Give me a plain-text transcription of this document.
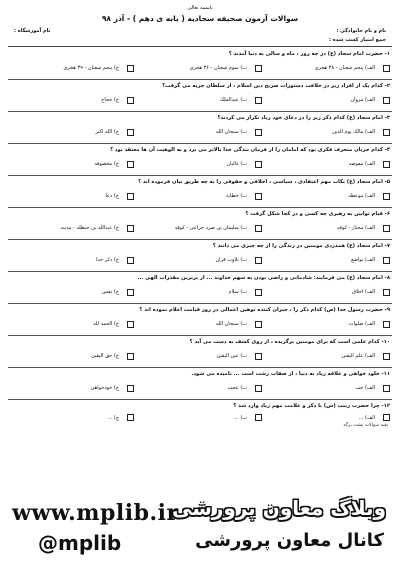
باسمه تعالی
سوالات آزمون صحیفه سجادیه ( بابه ی دهم ) - آذر ۹۸
نام و نام خانوادگی :
نام آموزشگاه :
جمع امتیاز کسب شده :
۱- حضرت امام سجاد (ع) در چه روز ، ماه و سالی به دنیا آمدند ؟
الف) پنجم شعبان - ۳۸ هجری
ب) سوم شعبان - ۳۶ هجری
ج) پنجم شعبان - ۳۹ هجری
۲- کدام یک از افراد زیر در خلافت دستورات صریح دین اسلام ، از سلطان جزیه می گرفت؟
الف) مروان
ب) عبدالملک
ج) حجاج
۳- امام سجاد (ع) کدام ذکر زیر را در دعای خود زیاد تکرار می کردند؟
الف) مالک یوم الدین
ب) سبحان الله
ج) الله اکبر
۴- کدام جریان منحرف فکری بود که امامان را از فرمان بندگی خدا بالاتر می برد و به الوهیت آن ها معتقد بود ؟
الف) مفوضه
ب) غالیان
ج) محصوفه
۵- امام سجاد (ع) نکات مهم اعتقادی ، سیاسی ، اخلاقی و حقوقی را به چه طریق بیان فرموده اند ؟
الف) موعظه
ب) خطابه
ج) دعا
۶- قیام توابین به رهبری چه کسی و در کجا شکل گرفت ؟
الف) مختار - کوفه
ب) سلیمان بن صرد خزاعی - کوفه
ج) عبدالله بن حنظله - مدینه
۷- امام سجاد (ع) همدردی مومنین در زندگی را از چه چیزی می دانند ؟
الف) تواضع
ب) تلاوت قرآن
ج) ذکر خدا
۸- امام سجاد (ع) می فرمایند: شادمانی و راضی بودن به سهم خداوند ... از برترین مقدرات الهی ...
الف) اخلاق
ب) سلام
ج) نفس
۹- حضرت رسول خدا (ص) کدام ذکر را ، جبران کننده توهین اعمالی در روز قیامت اعلام نموده اند ؟
الف) صلوات
ب) سبحان الله
ج) الحمد لله
۱۰- کدام علمی است که برای مومنین برگزیده ، از روی کشف به دست می آید ؟
الف) علم الیقین
ب) عین الیقین
ج) حق الیقین
۱۱- خلود خواهی و علاقه زیاد به دنیا ، از صفات زشت است ... نامیده می شود.
الف) حب
ب) عجب
ج) خودخواهی
۱۲- چرا حضرت زینب (س) با ذکر و علامت مهم زیاد وارد شد ؟
الف) ...
ب) ...
ج) ...
بقیه سوالات پشت برگه
www.mplib.ir
وبلاگ معاون پرورشی
کانال معاون پرورشی
@mplib
